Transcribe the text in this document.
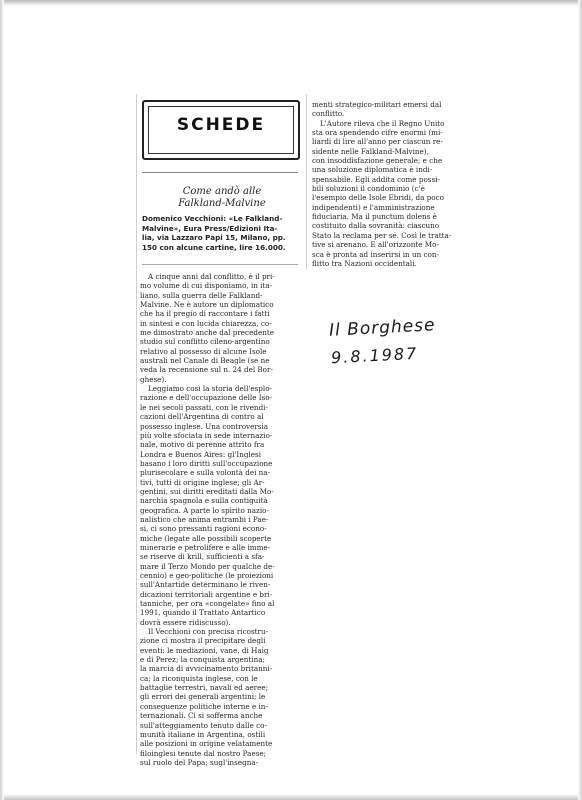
SCHEDE
Come andò alle
Falkland-Malvine
Domenico Vecchioni: «Le Falkland-
Malvine», Eura Press/Edizioni Ita-
lia, via Lazzaro Papi 15, Milano, pp.
150 con alcune cartine, lire 16.000.
A cinque anni dal conflitto, è il pri-
mo volume di cui disponiamo, in ita-
liano, sulla guerra delle Falkland-
Malvine. Ne è autore un diplomatico
che ha il pregio di raccontare i fatti
in sintesi e con lucida chiarezza, co-
me dimostrato anche dal precedente
studio sul conflitto cileno-argentino
relativo al possesso di alcune Isole
australi nel Canale di Beagle (se ne
veda la recensione sul n. 24 del Bor-
ghese).
Leggiamo così la storia dell'esplo-
razione e dell'occupazione delle Iso-
le nei secoli passati, con le rivendi-
cazioni dell'Argentina di contro al
possesso inglese. Una controversia
più volte sfociata in sede internazio-
nale, motivo di perenne attrito fra
Londra e Buenos Aires: gl'Inglesi
basano i loro diritti sull'occupazione
plurisecolare e sulla volontà dei na-
tivi, tutti di origine inglese; gli Ar-
gentini, sui diritti ereditati dalla Mo-
narchia spagnola e sulla contiguità
geografica. A parte lo spirito nazio-
nalistico che anima entrambi i Pae-
si, ci sono pressanti ragioni econo-
miche (legate alle possibili scoperte
minerarie e petrolifere e alle imme-
se riserve di krill, sufficienti a sfa-
mare il Terzo Mondo per qualche de-
cennio) e geo-politiche (le proiezioni
sull'Antartide determinano le riven-
dicazioni territoriali argentine e bri-
tanniche, per ora «congelate» fino al
1991, quando il Trattato Antartico
dovrà essere ridiscusso).
Il Vecchioni con precisa ricostru-
zione ci mostra il precipitare degli
eventi: le mediazioni, vane, di Haig
e di Perez; la conquista argentina;
la marcia di avvicinamento britanni-
ca; la riconquista inglese, con le
battaglie terrestri, navali ed aeree;
gli errori dei generali argentini; le
conseguenze politiche interne e in-
ternazionali. Ci si sofferma anche
sull'atteggiamento tenuto dalle co-
munità italiane in Argentina, ostili
alle posizioni in origine velatamente
filoinglesi tenute dal nostro Paese;
sul ruolo del Papa; sugl'insegna-
menti strategico-militari emersi dal
conflitto.
L'Autore rileva che il Regno Unito
sta ora spendendo cifre enormi (mi-
liardi di lire all'anno per ciascun re-
sidente nelle Falkland-Malvine),
con insoddisfazione generale; e che
una soluzione diplomatica è indi-
spensabile. Egli addita come possi-
bili soluzioni il condominio (c'è
l'esempio delle Isole Ebridi, da poco
indipendenti) e l'amministrazione
fiduciaria. Ma il punctum dolens è
costituito dalla sovranità: ciascuno
Stato la reclama per sé. Così le tratta-
tive si arenano. E all'orizzonte Mo-
sca è pronta ad inserirsi in un con-
flitto tra Nazioni occidentali.
Il Borghese
9.8.1987
